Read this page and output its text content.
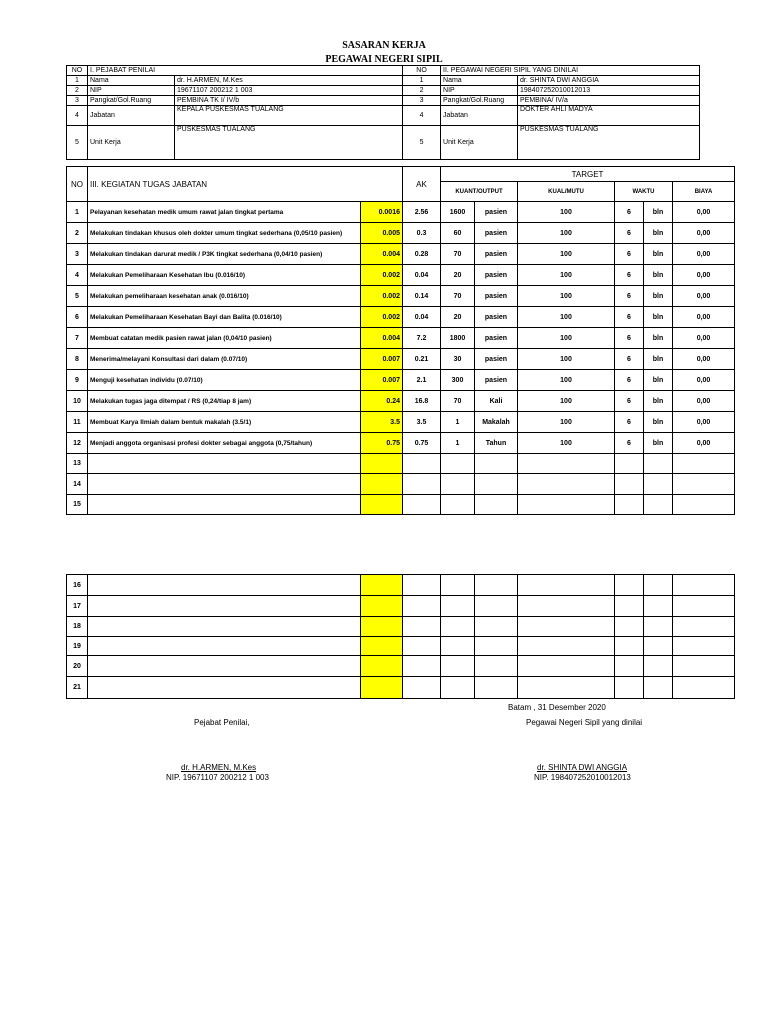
SASARAN KERJA
PEGAWAI NEGERI SIPIL
NO	I. PEJABAT PENILAI		NO	II. PEGAWAI NEGERI SIPIL YANG DINILAI	
1	Nama	dr. H.ARMEN, M.Kes	1	Nama	dr. SHINTA DWI ANGGIA
2	NIP	19671107 200212 1 003	2	NIP	198407252010012013
3	Pangkat/Gol.Ruang	PEMBINA TK I/ IV/b	3	Pangkat/Gol.Ruang	PEMBINA/ IV/a
4	Jabatan	KEPALA PUSKESMAS TUALANG	4	Jabatan	DOKTER AHLI MADYA
5	Unit Kerja	PUSKESMAS TUALANG	5	Unit Kerja	PUSKESMAS TUALANG
NO	III. KEGIATAN TUGAS JABATAN		AK	TARGET					
				KUANT/OUTPUT		KUAL/MUTU	WAKTU		BIAYA
1	Pelayanan kesehatan medik umum rawat jalan tingkat pertama	0.0016	2.56	1600	pasien	100	6	bln	0,00
2	Melakukan tindakan khusus oleh dokter umum tingkat sederhana (0,05/10 pasien)	0.005	0.3	60	pasien	100	6	bln	0,00
3	Melakukan tindakan darurat medik / P3K tingkat sederhana (0,04/10 pasien)	0.004	0.28	70	pasien	100	6	bln	0,00
4	Melakukan Pemeliharaan Kesehatan Ibu (0.016/10)	0.002	0.04	20	pasien	100	6	bln	0,00
5	Melakukan pemeliharaan kesehatan anak (0.016/10)	0.002	0.14	70	pasien	100	6	bln	0,00
6	Melakukan Pemeliharaan Kesehatan Bayi dan Balita (0.016/10)	0.002	0.04	20	pasien	100	6	bln	0,00
7	Membuat catatan medik pasien rawat jalan (0,04/10 pasien)	0.004	7.2	1800	pasien	100	6	bln	0,00
8	Menerima/melayani Konsultasi dari dalam (0.07/10)	0.007	0.21	30	pasien	100	6	bln	0,00
9	Menguji kesehatan individu (0.07/10)	0.007	2.1	300	pasien	100	6	bln	0,00
10	Melakukan tugas jaga ditempat / RS (0,24/tiap 8 jam)	0.24	16.8	70	Kali	100	6	bln	0,00
11	Membuat Karya Ilmiah dalam bentuk makalah (3.5/1)	3.5	3.5	1	Makalah	100	6	bln	0,00
12	Menjadi anggota organisasi profesi dokter sebagai anggota (0,75/tahun)	0.75	0.75	1	Tahun	100	6	bln	0,00
13									
14									
15									
16									
17									
18									
19									
20									
21									
Batam , 31 Desember 2020
Pejabat Penilai,	Pegawai Negeri Sipil yang dinilai
dr. H.ARMEN, M.Kes
NIP. 19671107 200212 1 003
dr. SHINTA DWI ANGGIA
NIP. 198407252010012013
